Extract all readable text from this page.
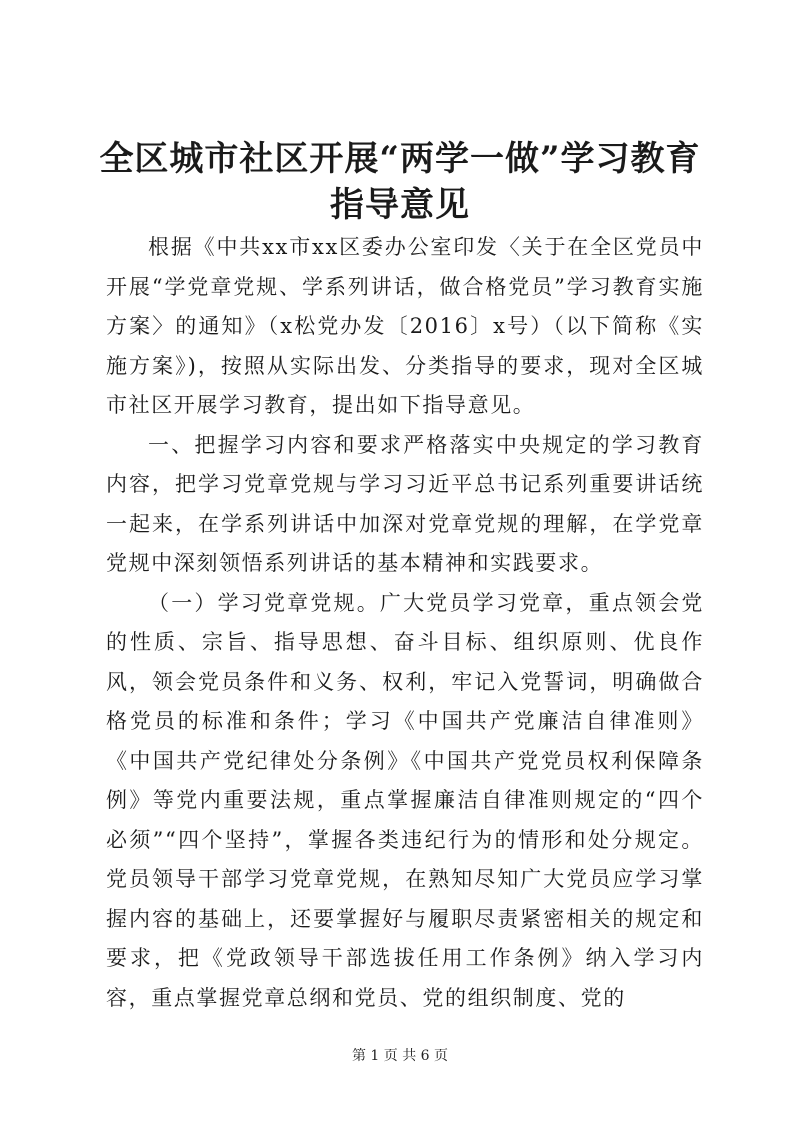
全区城市社区开展“两学一做”学习教育指导意见

根据《中共xx市xx区委办公室印发〈关于在全区党员中开展“学党章党规、学系列讲话，做合格党员”学习教育实施方案〉的通知》（x松党办发〔2016〕x号）（以下简称《实施方案》)，按照从实际出发、分类指导的要求，现对全区城市社区开展学习教育，提出如下指导意见。

一、把握学习内容和要求严格落实中央规定的学习教育内容，把学习党章党规与学习习近平总书记系列重要讲话统一起来，在学系列讲话中加深对党章党规的理解，在学党章党规中深刻领悟系列讲话的基本精神和实践要求。

（一）学习党章党规。广大党员学习党章，重点领会党的性质、宗旨、指导思想、奋斗目标、组织原则、优良作风，领会党员条件和义务、权利，牢记入党誓词，明确做合格党员的标准和条件；学习《中国共产党廉洁自律准则》《中国共产党纪律处分条例》《中国共产党党员权利保障条例》等党内重要法规，重点掌握廉洁自律准则规定的“四个必须”“四个坚持”，掌握各类违纪行为的情形和处分规定。党员领导干部学习党章党规，在熟知尽知广大党员应学习掌握内容的基础上，还要掌握好与履职尽责紧密相关的规定和要求，把《党政领导干部选拔任用工作条例》纳入学习内容，重点掌握党章总纲和党员、党的组织制度、党的

第 1 页 共 6 页
